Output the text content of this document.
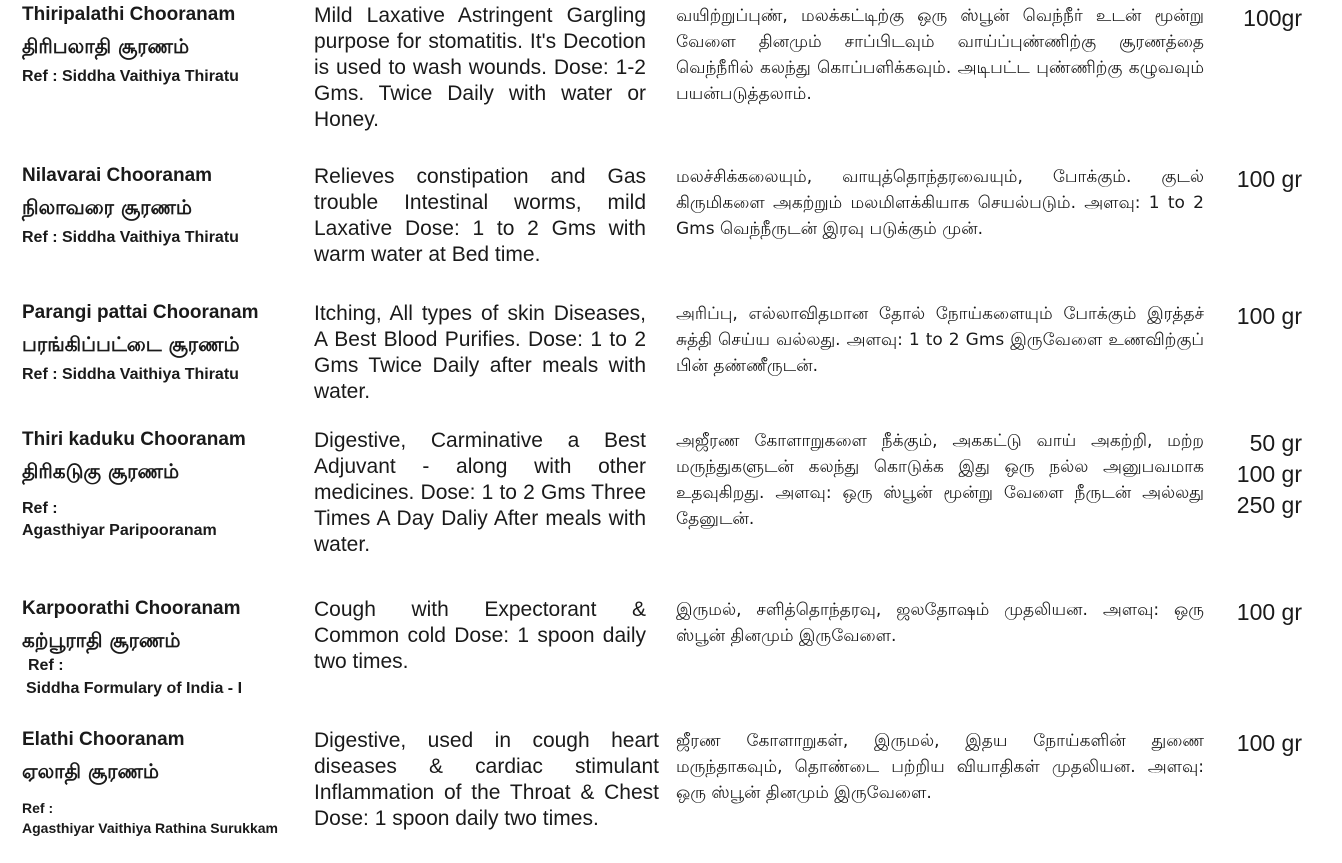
Thiripalathi Chooranam
திரிபலாதி சூரணம்
Ref : Siddha Vaithiya Thiratu
Mild Laxative Astringent Gargling purpose for stomatitis. It's Decotion is used to wash wounds. Dose: 1-2 Gms. Twice Daily with water or Honey.
வயிற்றுப்புண், மலக்கட்டிற்கு ஒரு ஸ்பூன் வெந்நீர் உடன் மூன்று வேளை தினமும் சாப்பிடவும் வாய்ப்புண்ணிற்கு சூரணத்தை வெந்நீரில் கலந்து கொப்பளிக்கவும். அடிபட்ட புண்ணிற்கு கழுவவும் பயன்படுத்தலாம்.
100gr
Nilavarai Chooranam
நிலாவரை சூரணம்
Ref : Siddha Vaithiya Thiratu
Relieves constipation and Gas trouble Intestinal worms, mild Laxative Dose: 1 to 2 Gms with warm water at Bed time.
மலச்சிக்கலையும், வாயுத்தொந்தரவையும், போக்கும். குடல் கிருமிகளை அகற்றும் மலமிளக்கியாக செயல்படும். அளவு: 1 to 2 Gms வெந்நீருடன் இரவு படுக்கும் முன்.
100 gr
Parangi pattai Chooranam
பரங்கிப்பட்டை சூரணம்
Ref : Siddha Vaithiya Thiratu
Itching, All types of skin Diseases, A Best Blood Purifies. Dose: 1 to 2 Gms Twice Daily after meals with water.
அரிப்பு, எல்லாவிதமான தோல் நோய்களையும் போக்கும் இரத்தச் சுத்தி செய்ய வல்லது. அளவு: 1 to 2 Gms இருவேளை உணவிற்குப் பின் தண்ணீருடன்.
100 gr
Thiri kaduku Chooranam
திரிகடுகு சூரணம்
Ref :
Agasthiyar Paripooranam
Digestive, Carminative a Best Adjuvant - along with other medicines. Dose: 1 to 2 Gms Three Times A Day Daliy After meals with water.
அஜீரண கோளாறுகளை நீக்கும், அககட்டு வாய் அகற்றி, மற்ற மருந்துகளுடன் கலந்து கொடுக்க இது ஒரு நல்ல அனுபவமாக உதவுகிறது. அளவு: ஒரு ஸ்பூன் மூன்று வேளை நீருடன் அல்லது தேனுடன்.
50 gr
100 gr
250 gr
Karpoorathi Chooranam
கற்பூராதி சூரணம்
Ref :
Siddha Formulary of India - I
Cough with Expectorant & Common cold Dose: 1 spoon daily two times.
இருமல், சளித்தொந்தரவு, ஜலதோஷம் முதலியன. அளவு: ஒரு ஸ்பூன் தினமும் இருவேளை.
100 gr
Elathi Chooranam
ஏலாதி சூரணம்
Ref :
Agasthiyar Vaithiya Rathina Surukkam
Digestive, used in cough heart diseases & cardiac stimulant Inflammation of the Throat & Chest Dose: 1 spoon daily two times.
ஜீரண கோளாறுகள், இருமல், இதய நோய்களின் துணை மருந்தாகவும், தொண்டை பற்றிய வியாதிகள் முதலியன. அளவு: ஒரு ஸ்பூன் தினமும் இருவேளை.
100 gr
